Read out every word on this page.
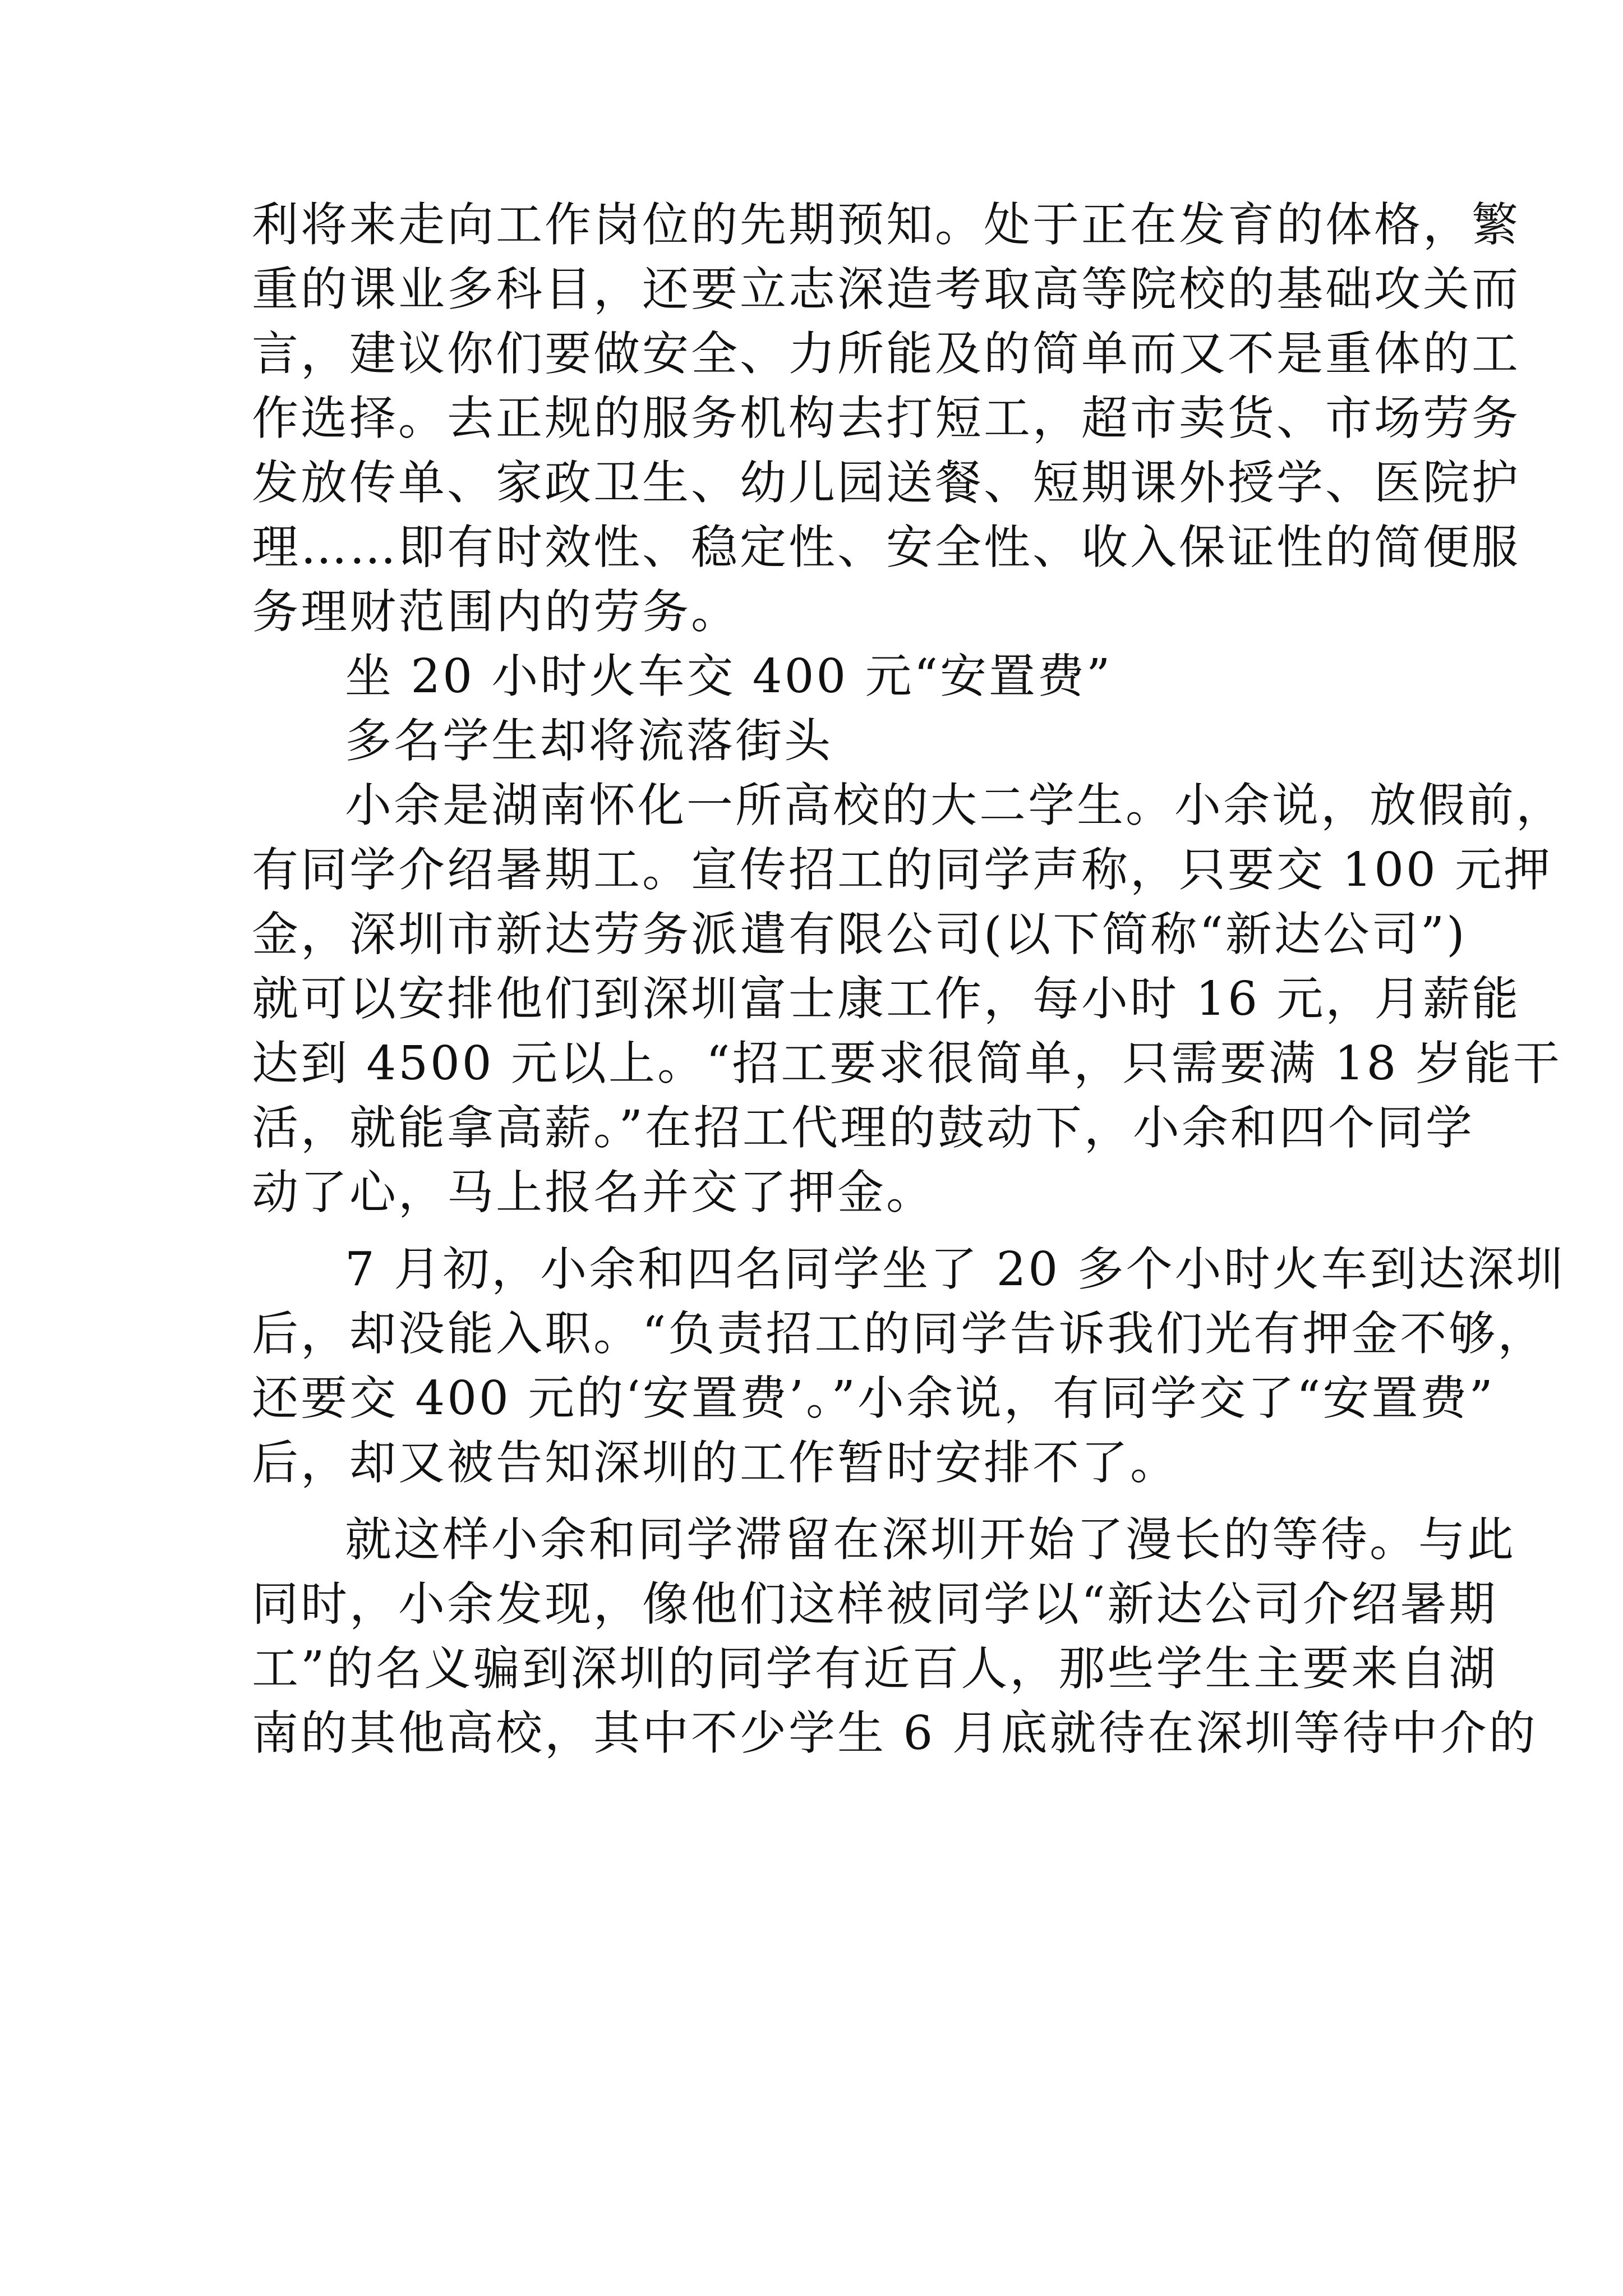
利将来走向工作岗位的先期预知。处于正在发育的体格，繁
重的课业多科目，还要立志深造考取高等院校的基础攻关而
言，建议你们要做安全、力所能及的简单而又不是重体的工
作选择。去正规的服务机构去打短工，超市卖货、市场劳务
发放传单、家政卫生、幼儿园送餐、短期课外授学、医院护
理……即有时效性、稳定性、安全性、收入保证性的简便服
务理财范围内的劳务。
坐 20 小时火车交 400 元“安置费”
多名学生却将流落街头
小余是湖南怀化一所高校的大二学生。小余说，放假前，
有同学介绍暑期工。宣传招工的同学声称，只要交 100 元押
金，深圳市新达劳务派遣有限公司(以下简称“新达公司”)
就可以安排他们到深圳富士康工作，每小时 16 元，月薪能
达到 4500 元以上。“招工要求很简单，只需要满 18 岁能干
活，就能拿高薪。”在招工代理的鼓动下，小余和四个同学
动了心，马上报名并交了押金。
7 月初，小余和四名同学坐了 20 多个小时火车到达深圳
后，却没能入职。“负责招工的同学告诉我们光有押金不够，
还要交 400 元的‘安置费’。”小余说，有同学交了“安置费”
后，却又被告知深圳的工作暂时安排不了。
就这样小余和同学滞留在深圳开始了漫长的等待。与此
同时，小余发现，像他们这样被同学以“新达公司介绍暑期
工”的名义骗到深圳的同学有近百人，那些学生主要来自湖
南的其他高校，其中不少学生 6 月底就待在深圳等待中介的
